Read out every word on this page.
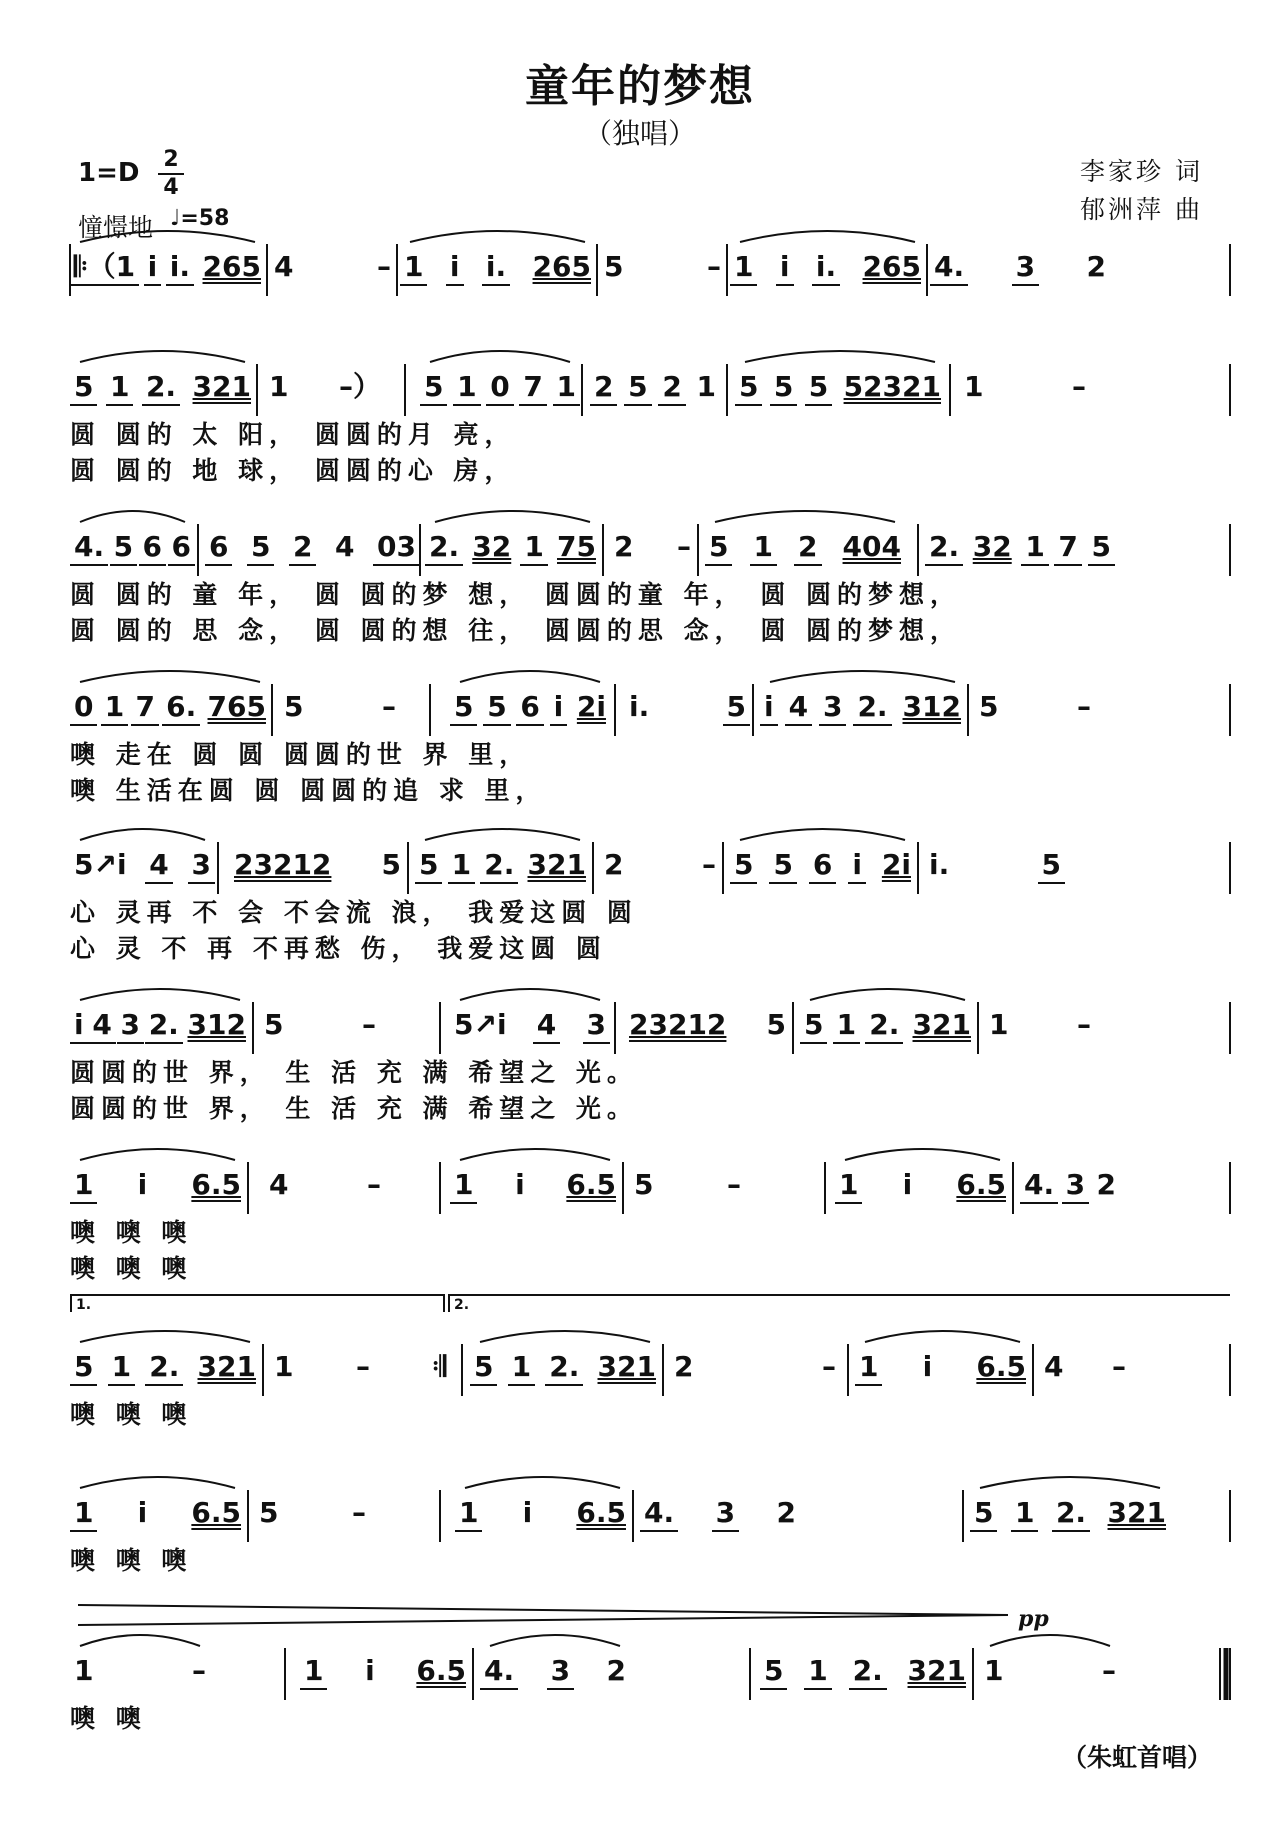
童年的梦想
（独唱）
1=D	2
4
憧憬地 ♩=58
李家珍 词
郁洲萍 曲
𝄆（1 i i. 265 4	– 1 i i. 265 5	– 1 i i. 265 4. 3 2
5 1 2. 321 1 –） 5 1 0 7 1 2 5 2 1 5 5 5 52321 1	–
圆 圆的 太 阳， 圆圆的月 亮，
圆 圆的 地 球， 圆圆的心 房，
4. 5 6 6 6 5 2 4 03 2. 32 1 75 2 – 5 1 2 404 2. 32 1 7 5
圆 圆的 童 年， 圆 圆的梦 想， 圆圆的童 年， 圆 圆的梦想，
圆 圆的 思 念， 圆 圆的想 往， 圆圆的思 念， 圆 圆的梦想，
0 1 7 6. 765 5	– 5 5 6 i 2i i.	5 i 4 3 2. 312 5	–
噢 走在 圆 圆 圆圆的世 界 里，
噢 生活在圆 圆 圆圆的追 求 里，
5↗i 4 3 23212 5 5 1 2. 321 2	– 5 5 6 i 2i i.	5
心 灵再 不 会 不会流 浪， 我爱这圆 圆
心 灵 不 再 不再愁 伤， 我爱这圆 圆
i 4 3 2. 312 5	–	5↗i 4 3 23212 5 5 1 2. 321 1 –
圆圆的世 界， 生 活 充 满 希望之 光。
圆圆的世 界， 生 活 充 满 希望之 光。
1 i 6.5 4	–	1 i 6.5 5	–	1 i 6.5 4. 3 2
噢 噢 噢
噢 噢 噢
1.	2.
5 1 2. 321 1 – 𝄇 5 1 2. 321 2	– 1 i 6.5 4 –
噢 噢 噢
1 i 6.5 5	–	1 i 6.5 4. 3 2	5 1 2. 321
噢 噢 噢
1	–	1 i 6.5 4. 3 2	5 1 2. 321 1	–
噢 噢
（朱虹首唱）
pp
